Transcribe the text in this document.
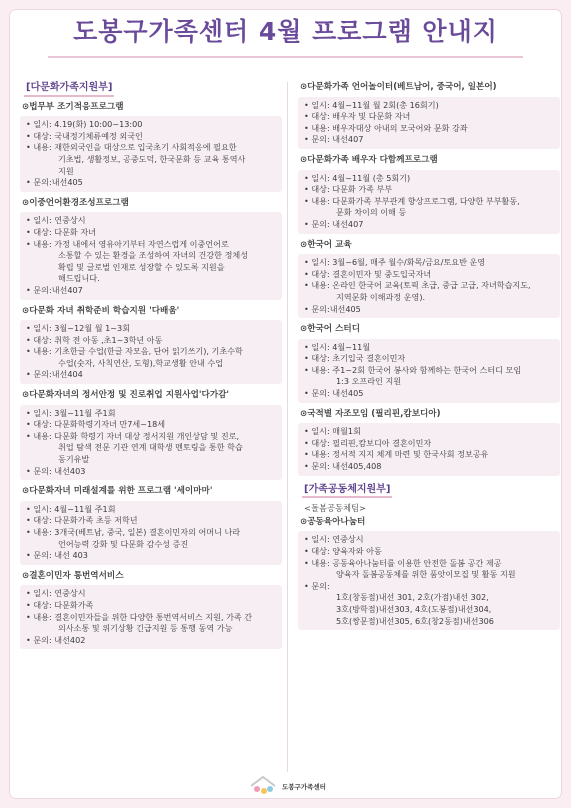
도봉구가족센터 4월 프로그램 안내지
[다문화가족지원부]
⊙법무부 조기적응프로그램
• 일시: 4.19(화) 10:00~13:00
• 대상: 국내정기체류예정 외국인
• 내용: 재한외국인을 대상으로 입국초기 사회적응에 필요한
기초법, 생활정보, 공중도덕, 한국문화 등 교육 통역사
지원
• 문의:내선405
⊙이중언어환경조성프로그램
• 일시: 연중상시
• 대상: 다문화 자녀
• 내용: 가정 내에서 영유아기부터 자연스럽게 이중언어로
소통할 수 있는 환경을 조성하여 자녀의 건강한 정체성
확립 및 글로벌 인재로 성장할 수 있도록 지원을
해드립니다.
• 문의:내선407
⊙다문화 자녀 취학준비 학습지원 '다배움'
• 일시: 3월~12월 월 1~3회
• 대상: 취학 전 아동 ,초1~3학년 아동
• 내용: 기초한글 수업(한글 자모음, 단어 읽기쓰기), 기초수학
수업(숫자, 사칙연산, 도형),학교생활 안내 수업
• 문의:내선404
⊙다문화자녀의 정서안정 및 진로취업 지원사업'다가감'
• 일시: 3월~11월 주1회
• 대상: 다문화학령기자녀 만7세~18세
• 내용: 다문화 학령기 자녀 대상 정서지원 개인상담 및 진로,
취업 탐색 전문 기관 연계 대학생 멘토링을 통한 학습
동기유발
• 문의: 내선403
⊙다문화자녀 미래설계를 위한 프로그램 '세이마마'
• 일시: 4월~11월 주1회
• 대상: 다문화가족 초등 저학년
• 내용: 3개국(베트남, 중국, 일본) 결혼이민자의 어머니 나라
언어능력 강화 및 다문화 감수성 증진
• 문의: 내선 403
⊙결혼이민자 통번역서비스
• 일시: 연중상시
• 대상: 다문화가족
• 내용: 결혼이민자들을 위한 다양한 통번역서비스 지원, 가족 간
의사소통 및 위기상황 긴급지원 등 통행 동역 가능
• 문의: 내선402
⊙다문화가족 언어놀이터(베트남어, 중국어, 일본어)
• 일시: 4월~11월 월 2회(총 16회기)
• 대상: 배우자 및 다문화 자녀
• 내용: 배우자대상 아내의 모국어와 문화 강좌
• 문의: 내선407
⊙다문화가족 배우자 다함께프로그램
• 일시: 4월~11월 (총 5회기)
• 대상: 다문화 가족 부부
• 내용: 다문화가족 부부관계 향상프로그램, 다양한 부부활동,
문화 차이의 이해 등
• 문의: 내선407
⊙한국어 교육
• 일시: 3월~6월, 매주 월수/화목/금요/토요반 운영
• 대상: 결혼이민자 및 중도입국자녀
• 내용: 온라인 한국어 교육(토픽 초급, 중급 고급, 자녀학습지도,
지역문화 이해과정 운영).
• 문의:내선405
⊙한국어 스터디
• 일시: 4월~11월
• 대상: 초기입국 결혼이민자
• 내용: 주1~2회 한국어 봉사와 함께하는 한국어 스터디 모임
1:3 오프라인 지원
• 문의: 내선405
⊙국적별 자조모임 (필리핀,캄보디아)
• 일시: 매월1회
• 대상: 필리핀,캄보디아 결혼이민자
• 내용: 정서적 지지 체계 마련 및 한국사회 정보공유
• 문의: 내선405,408
[가족공동체지원부]
<돌봄공동체팀>
⊙공동육아나눔터
• 일시: 연중상시
• 대상: 양육자와 아동
• 내용: 공동육아나눔터를 이용한 안전한 돌봄 공간 제공
양육자 돌봄공동체를 위한 품앗이모집 및 활동 지원
• 문의:
1호(창동점)내선 301, 2호(가점)내선 302,
3호(방학점)내선303, 4호(도봉점)내선304,
5호(쌍문점)내선305, 6호(창2동점)내선306
도봉구가족센터
